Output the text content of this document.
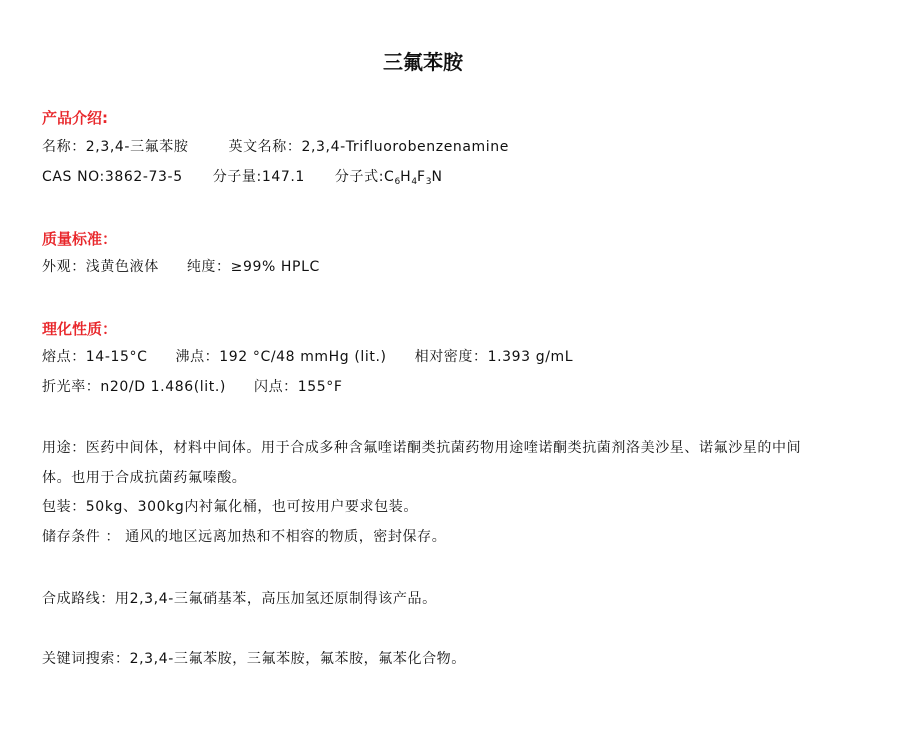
三氟苯胺
产品介绍:
名称：2,3,4-三氟苯胺	英文名称：2,3,4-Trifluorobenzenamine
CAS NO:3862-73-5 分子量:147.1 分子式$:C_6H_4F_3N$
质量标准：
外观：浅黄色液体 纯度：≥99% HPLC
理化性质：
熔点：14-15°C 沸点：192 °C/48 mmHg (lit.) 相对密度：1.393 g/mL
折光率：n20/D 1.486(lit.) 闪点：155°F
用途：医药中间体，材料中间体。用于合成多种含氟喹诺酮类抗菌药物用途喹诺酮类抗菌剂洛美沙星、诺氟沙星的中间
体。也用于合成抗菌药氟嗪酸。
包装：50kg、300kg内衬氟化桶，也可按用户要求包装。
储存条件 ： 通风的地区远离加热和不相容的物质，密封保存。
合成路线：用2,3,4-三氟硝基苯，高压加氢还原制得该产品。
关键词搜索：2,3,4-三氟苯胺，三氟苯胺，氟苯胺，氟苯化合物。
